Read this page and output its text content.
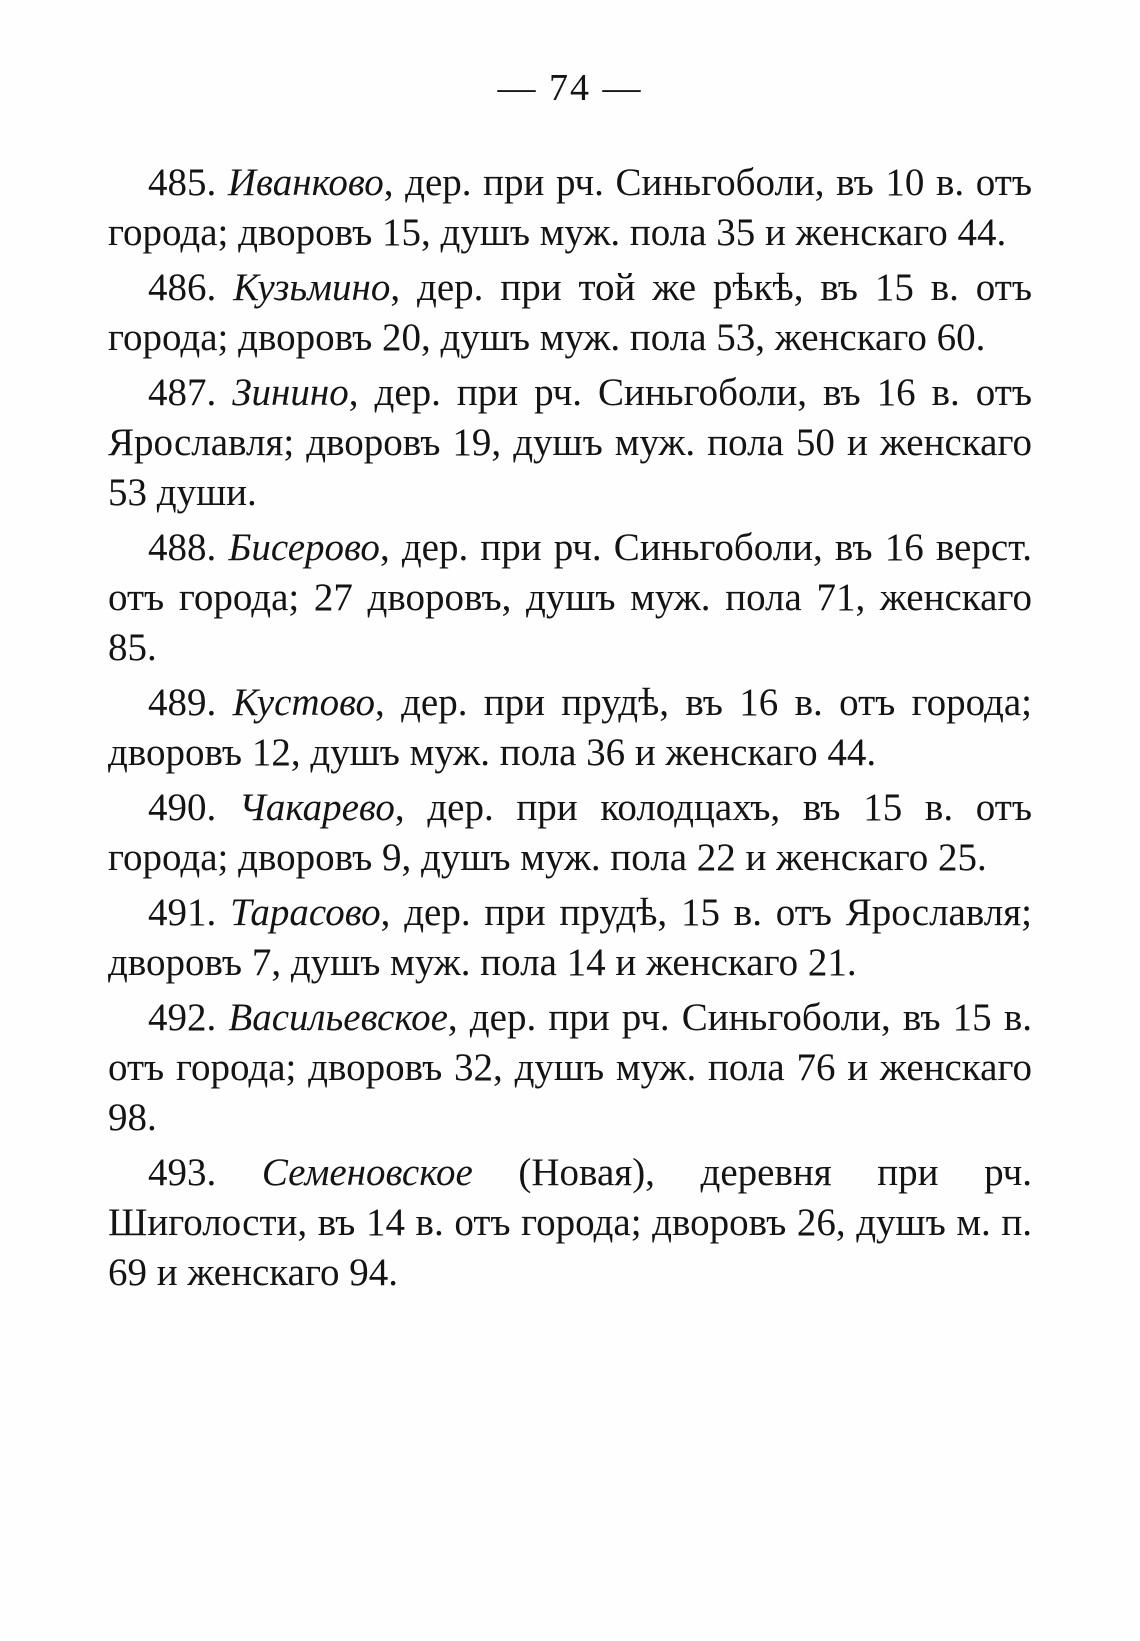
— 74 —

485. Иванково, дер. при рч. Синьгоболи, въ 10 в. отъ города; дворовъ 15, душъ муж. пола 35 и женскаго 44.

486. Кузьмино, дер. при той же рѣкѣ, въ 15 в. отъ города; дворовъ 20, душъ муж. пола 53, женскаго 60.

487. Зинино, дер. при рч. Синьгоболи, въ 16 в. отъ Ярославля; дворовъ 19, душъ муж. пола 50 и женскаго 53 души.

488. Бисерово, дер. при рч. Синьгоболи, въ 16 верст. отъ города; 27 дворовъ, душъ муж. пола 71, женскаго 85.

489. Кустово, дер. при прудѣ, въ 16 в. отъ города; дворовъ 12, душъ муж. пола 36 и женскаго 44.

490. Чакарево, дер. при колодцахъ, въ 15 в. отъ города; дворовъ 9, душъ муж. пола 22 и женскаго 25.

491. Тарасово, дер. при прудѣ, 15 в. отъ Ярославля; дворовъ 7, душъ муж. пола 14 и женскаго 21.

492. Васильевское, дер. при рч. Синьгоболи, въ 15 в. отъ города; дворовъ 32, душъ муж. пола 76 и женскаго 98.

493. Семеновское (Новая), деревня при рч. Шиголости, въ 14 в. отъ города; дворовъ 26, душъ м. п. 69 и женскаго 94.
